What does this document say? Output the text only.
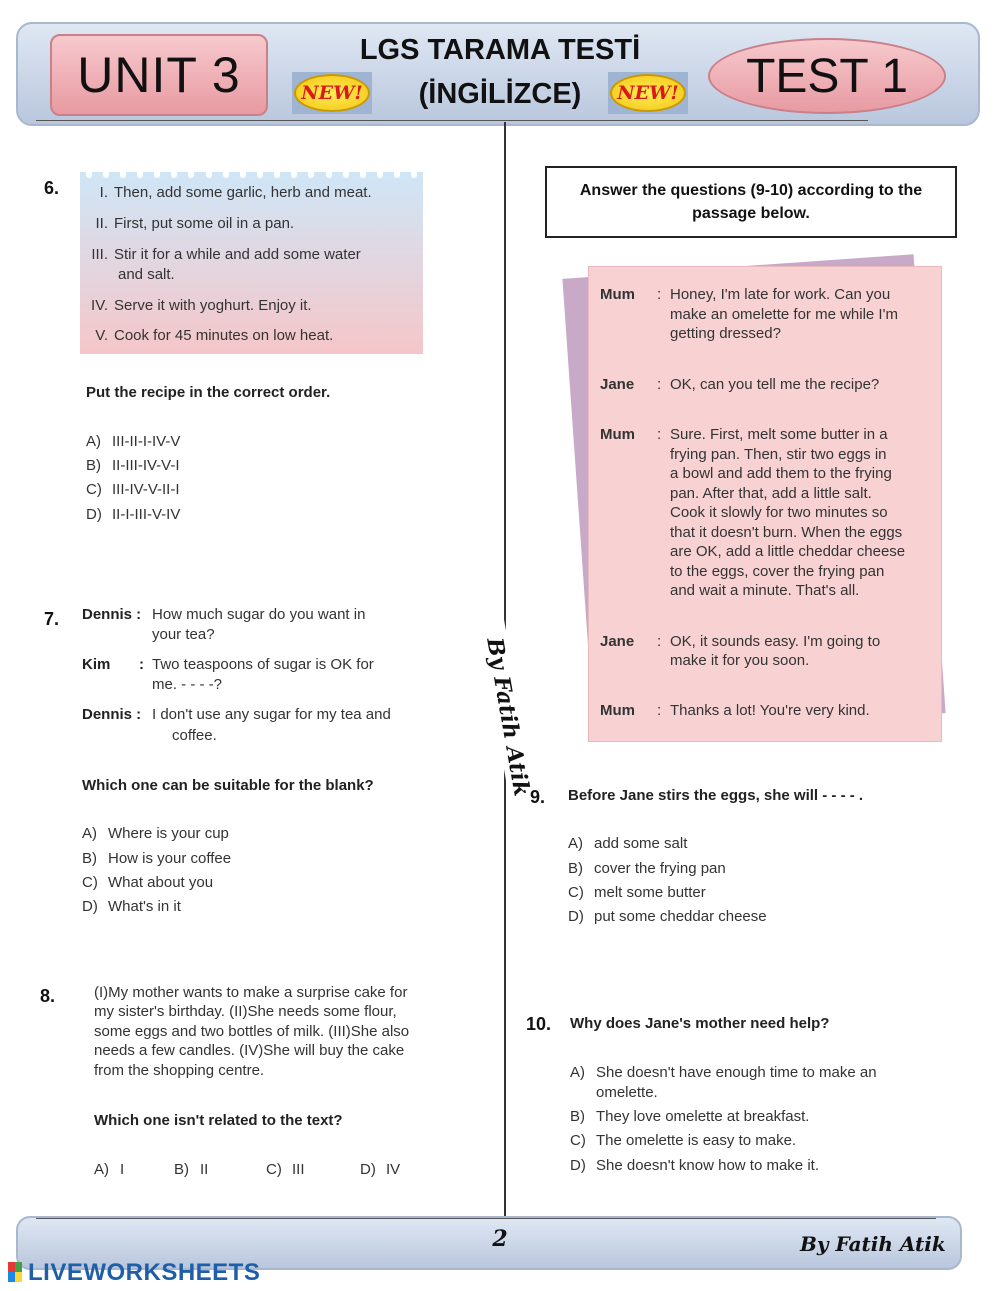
UNIT 3	LGS TARAMA TESTİ
(İNGİLİZCE)
NEW!	NEW!	TEST 1
By Fatih Atik
6.	I. Then, add some garlic, herb and meat.
II. First, put some oil in a pan.
III. Stir it for a while and add some water
and salt.
IV. Serve it with yoghurt. Enjoy it.
V. Cook for 45 minutes on low heat.
Put the recipe in the correct order.
A) III-II-I-IV-V
B) II-III-IV-V-I
C) III-IV-V-II-I
D) II-I-III-V-IV
7. Dennis : How much sugar do you want in
your tea?
Kim : Two teaspoons of sugar is OK for
me. - - - -?
Dennis : I don't use any sugar for my tea and
coffee.
Which one can be suitable for the blank?
A) Where is your cup
B) How is your coffee
C) What about you
D) What's in it
8.	(I)My mother wants to make a surprise cake for
my sister's birthday. (II)She needs some flour,
some eggs and two bottles of milk. (III)She also
needs a few candles. (IV)She will buy the cake
from the shopping centre.
Which one isn't related to the text?
A) I	B) II	C) III	D) IV
Answer the questions (9-10) according to the
passage below.
Mum : Honey, I'm late for work. Can you
make an omelette for me while I'm
getting dressed?
Jane : OK, can you tell me the recipe?
Mum : Sure. First, melt some butter in a
frying pan. Then, stir two eggs in
a bowl and add them to the frying
pan. After that, add a little salt.
Cook it slowly for two minutes so
that it doesn't burn. When the eggs
are OK, add a little cheddar cheese
to the eggs, cover the frying pan
and wait a minute. That's all.
Jane : OK, it sounds easy. I'm going to
make it for you soon.
Mum : Thanks a lot! You're very kind.
9. Before Jane stirs the eggs, she will - - - - .
A) add some salt
B) cover the frying pan
C) melt some butter
D) put some cheddar cheese
10. Why does Jane's mother need help?
A) She doesn't have enough time to make an
omelette.
B) They love omelette at breakfast.
C) The omelette is easy to make.
D) She doesn't know how to make it.
2	By Fatih Atik
LIVEWORKSHEETS
